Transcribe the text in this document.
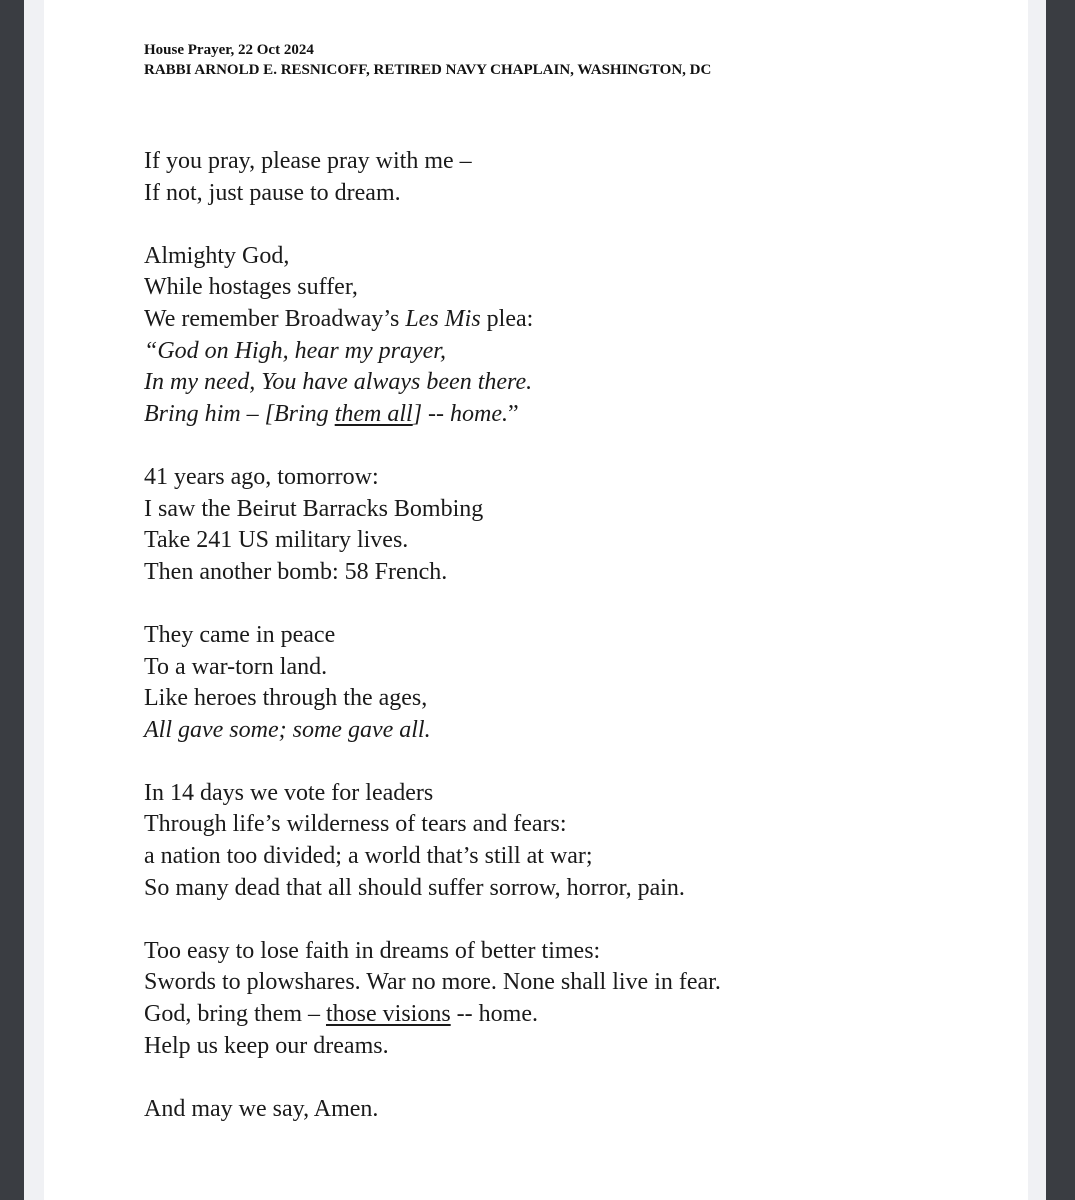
House Prayer, 22 Oct 2024
RABBI ARNOLD E. RESNICOFF, RETIRED NAVY CHAPLAIN, WASHINGTON, DC
If you pray, please pray with me –
If not, just pause to dream.
Almighty God,
While hostages suffer,
We remember Broadway’s Les Mis plea:
“God on High, hear my prayer,
In my need, You have always been there.
Bring him – [Bring them all] -- home.”
41 years ago, tomorrow:
I saw the Beirut Barracks Bombing
Take 241 US military lives.
Then another bomb: 58 French.
They came in peace
To a war-torn land.
Like heroes through the ages,
All gave some; some gave all.
In 14 days we vote for leaders
Through life’s wilderness of tears and fears:
a nation too divided; a world that’s still at war;
So many dead that all should suffer sorrow, horror, pain.
Too easy to lose faith in dreams of better times:
Swords to plowshares. War no more. None shall live in fear.
God, bring them – those visions -- home.
Help us keep our dreams.
And may we say, Amen.
